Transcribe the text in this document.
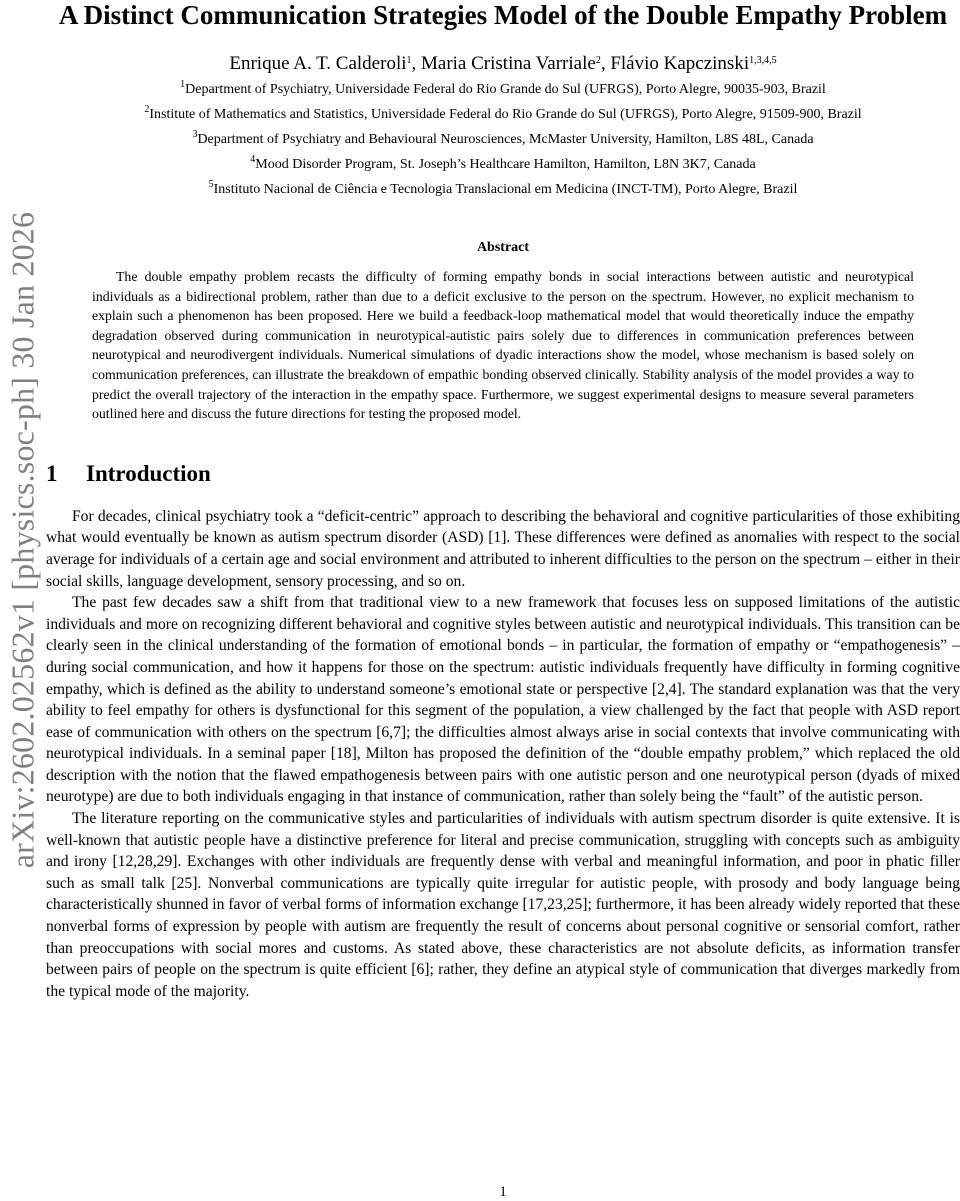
arXiv:2602.02562v1 [physics.soc-ph] 30 Jan 2026
A Distinct Communication Strategies Model of the Double Empathy Problem
Enrique A. T. Calderoli$^1$, Maria Cristina Varriale$^2$, Flávio Kapczinski$^{1,3,4,5}$
$^1$Department of Psychiatry, Universidade Federal do Rio Grande do Sul (UFRGS), Porto Alegre, 90035-903, Brazil
$^2$Institute of Mathematics and Statistics, Universidade Federal do Rio Grande do Sul (UFRGS), Porto Alegre, 91509-900, Brazil
$^3$Department of Psychiatry and Behavioural Neurosciences, McMaster University, Hamilton, L8S 48L, Canada
$^4$Mood Disorder Program, St. Joseph’s Healthcare Hamilton, Hamilton, L8N 3K7, Canada
$^5$Instituto Nacional de Ciência e Tecnologia Translacional em Medicina (INCT-TM), Porto Alegre, Brazil
Abstract

The double empathy problem recasts the difficulty of forming empathy bonds in social interactions between autistic and neurotypical individuals as a bidirectional problem, rather than due to a deficit exclusive to the person on the spectrum. However, no explicit mechanism to explain such a phenomenon has been proposed. Here we build a feedback-loop mathematical model that would theoretically induce the empathy degradation observed during communication in neurotypical-autistic pairs solely due to differences in communication preferences between neurotypical and neurodivergent individuals. Numerical simulations of dyadic interactions show the model, whose mechanism is based solely on communication preferences, can illustrate the breakdown of empathic bonding observed clinically. Stability analysis of the model provides a way to predict the overall trajectory of the interaction in the empathy space. Furthermore, we suggest experimental designs to measure several parameters outlined here and discuss the future directions for testing the proposed model.

1 Introduction

For decades, clinical psychiatry took a “deficit-centric” approach to describing the behavioral and cognitive particularities of those exhibiting what would eventually be known as autism spectrum disorder (ASD) [1]. These differences were defined as anomalies with respect to the social average for individuals of a certain age and social environment and attributed to inherent difficulties to the person on the spectrum – either in their social skills, language development, sensory processing, and so on.

The past few decades saw a shift from that traditional view to a new framework that focuses less on supposed limitations of the autistic individuals and more on recognizing different behavioral and cognitive styles between autistic and neurotypical individuals. This transition can be clearly seen in the clinical understanding of the formation of emotional bonds – in particular, the formation of empathy or “empathogenesis” – during social communication, and how it happens for those on the spectrum: autistic individuals frequently have difficulty in forming cognitive empathy, which is defined as the ability to understand someone’s emotional state or perspective [2,4]. The standard explanation was that the very ability to feel empathy for others is dysfunctional for this segment of the population, a view challenged by the fact that people with ASD report ease of communication with others on the spectrum [6,7]; the difficulties almost always arise in social contexts that involve communicating with neurotypical individuals. In a seminal paper [18], Milton has proposed the definition of the “double empathy problem,” which replaced the old description with the notion that the flawed empathogenesis between pairs with one autistic person and one neurotypical person (dyads of mixed neurotype) are due to both individuals engaging in that instance of communication, rather than solely being the “fault” of the autistic person.

The literature reporting on the communicative styles and particularities of individuals with autism spectrum disorder is quite extensive. It is well-known that autistic people have a distinctive preference for literal and precise communication, struggling with concepts such as ambiguity and irony [12,28,29]. Exchanges with other individuals are frequently dense with verbal and meaningful information, and poor in phatic filler such as small talk [25]. Nonverbal communications are typically quite irregular for autistic people, with prosody and body language being characteristically shunned in favor of verbal forms of information exchange [17,23,25]; furthermore, it has been already widely reported that these nonverbal forms of expression by people with autism are frequently the result of concerns about personal cognitive or sensorial comfort, rather than preoccupations with social mores and customs. As stated above, these characteristics are not absolute deficits, as information transfer between pairs of people on the spectrum is quite efficient [6]; rather, they define an atypical style of communication that diverges markedly from the typical mode of the majority.

1
